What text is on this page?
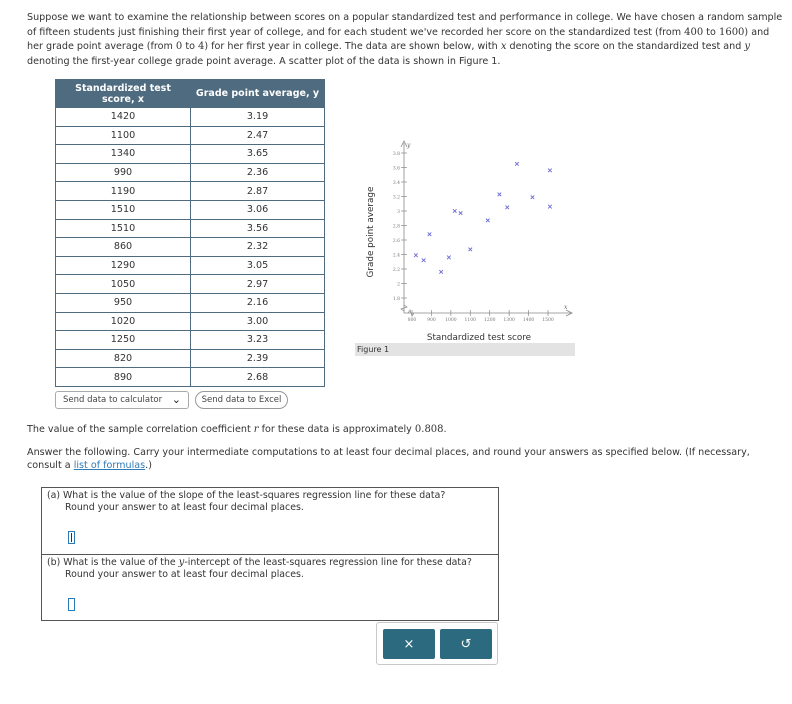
Suppose we want to examine the relationship between scores on a popular standardized test and performance in college. We have chosen a random sample of fifteen students just finishing their first year of college, and for each student we've recorded her score on the standardized test (from 400 to 1600) and her grade point average (from 0 to 4) for her first year in college. The data are shown below, with x denoting the score on the standardized test and y denoting the first-year college grade point average. A scatter plot of the data is shown in Figure 1.
Standardized test score, x	Grade point average, y
1420	3.19
1100	2.47
1340	3.65
990	2.36
1190	2.87
1510	3.06
1510	3.56
860	2.32
1290	3.05
1050	2.97
950	2.16
1020	3.00
1250	3.23
820	2.39
890	2.68
Send data to calculator ⌄	Send data to Excel
y
x
1.8
2
2.2
2.4
2.6
2.8
3
3.2
3.4
3.6
3.8
800 900 1000 1100 1200 1300 1400 1500
Standardized test score
Grade point average
Figure 1
The value of the sample correlation coefficient r for these data is approximately 0.808.
Answer the following. Carry your intermediate computations to at least four decimal places, and round your answers as specified below. (If necessary, consult a list of formulas.)
(a) What is the value of the slope of the least-squares regression line for these data?
Round your answer to at least four decimal places.
(b) What is the value of the y-intercept of the least-squares regression line for these data?
Round your answer to at least four decimal places.
×	↺
